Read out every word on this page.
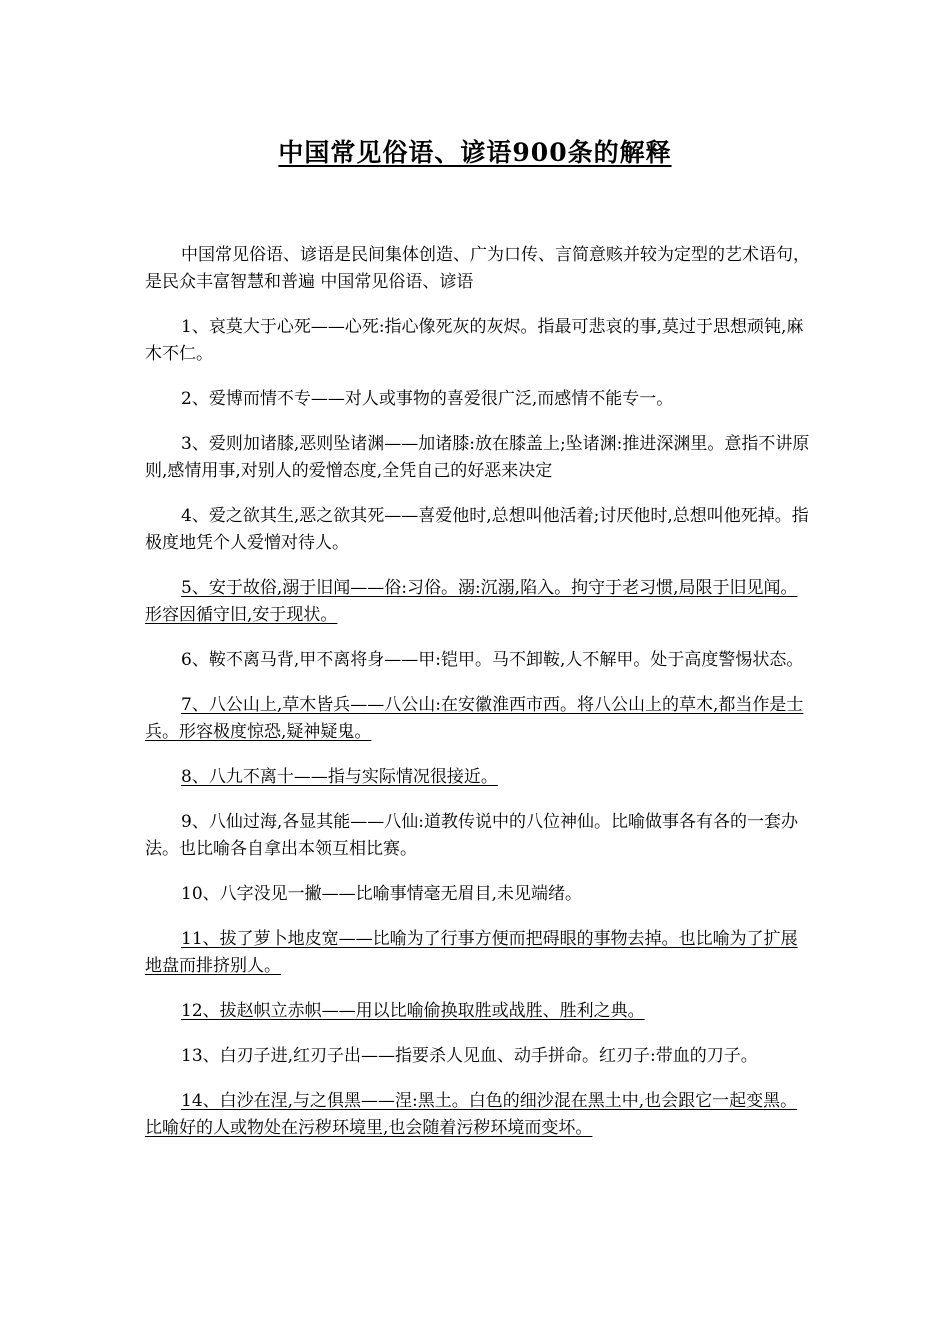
中国常见俗语、谚语900条的解释

中国常见俗语、谚语是民间集体创造、广为口传、言简意赅并较为定型的艺术语句，是民众丰富智慧和普遍 中国常见俗语、谚语

1、哀莫大于心死——心死:指心像死灰的灰烬。指最可悲哀的事,莫过于思想顽钝,麻木不仁。

2、爱博而情不专——对人或事物的喜爱很广泛,而感情不能专一。

3、爱则加诸膝,恶则坠诸渊——加诸膝:放在膝盖上;坠诸渊:推进深渊里。意指不讲原则,感情用事,对别人的爱憎态度,全凭自己的好恶来决定

4、爱之欲其生,恶之欲其死——喜爱他时,总想叫他活着;讨厌他时,总想叫他死掉。指极度地凭个人爱憎对待人。

5、安于故俗,溺于旧闻——俗:习俗。溺:沉溺,陷入。拘守于老习惯,局限于旧见闻。形容因循守旧,安于现状。

6、鞍不离马背,甲不离将身——甲:铠甲。马不卸鞍,人不解甲。处于高度警惕状态。

7、八公山上,草木皆兵——八公山:在安徽淮西市西。将八公山上的草木,都当作是士兵。形容极度惊恐,疑神疑鬼。

8、八九不离十——指与实际情况很接近。

9、八仙过海,各显其能——八仙:道教传说中的八位神仙。比喻做事各有各的一套办法。也比喻各自拿出本领互相比赛。

10、八字没见一撇——比喻事情毫无眉目,未见端绪。

11、拔了萝卜地皮宽——比喻为了行事方便而把碍眼的事物去掉。也比喻为了扩展地盘而排挤别人。

12、拔赵帜立赤帜——用以比喻偷换取胜或战胜、胜利之典。

13、白刃子进,红刃子出——指要杀人见血、动手拼命。红刃子:带血的刀子。

14、白沙在涅,与之俱黑——涅:黑土。白色的细沙混在黑土中,也会跟它一起变黑。比喻好的人或物处在污秽环境里,也会随着污秽环境而变坏。
